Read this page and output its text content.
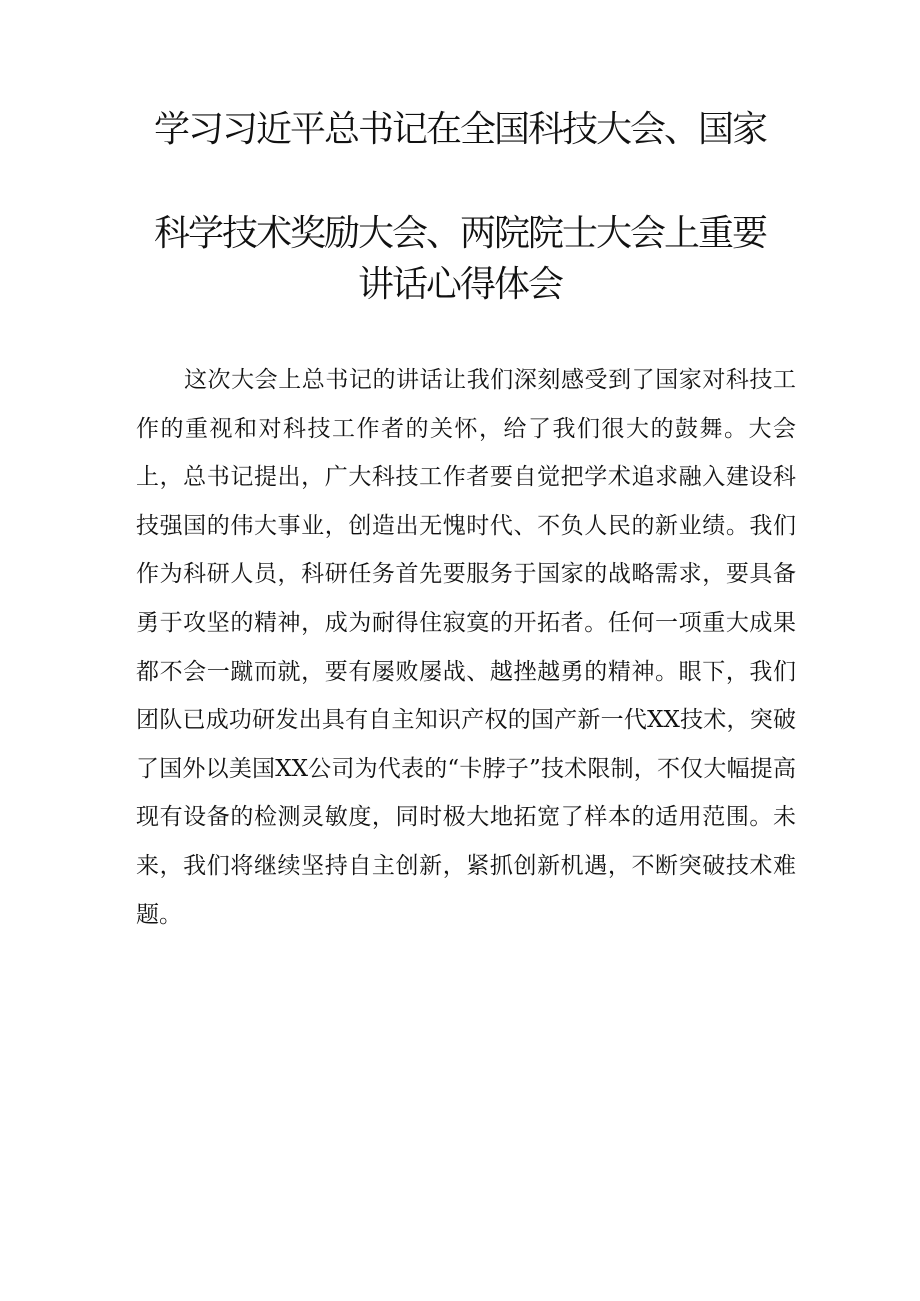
学习习近平总书记在全国科技大会、国家
科学技术奖励大会、两院院士大会上重要
讲话心得体会

这次大会上总书记的讲话让我们深刻感受到了国家对科技工作的重视和对科技工作者的关怀，给了我们很大的鼓舞。大会上，总书记提出，广大科技工作者要自觉把学术追求融入建设科技强国的伟大事业，创造出无愧时代、不负人民的新业绩。我们作为科研人员，科研任务首先要服务于国家的战略需求，要具备勇于攻坚的精神，成为耐得住寂寞的开拓者。任何一项重大成果都不会一蹴而就，要有屡败屡战、越挫越勇的精神。眼下，我们团队已成功研发出具有自主知识产权的国产新一代XX技术，突破了国外以美国XX公司为代表的“卡脖子”技术限制，不仅大幅提高现有设备的检测灵敏度，同时极大地拓宽了样本的适用范围。未来，我们将继续坚持自主创新，紧抓创新机遇，不断突破技术难题。
